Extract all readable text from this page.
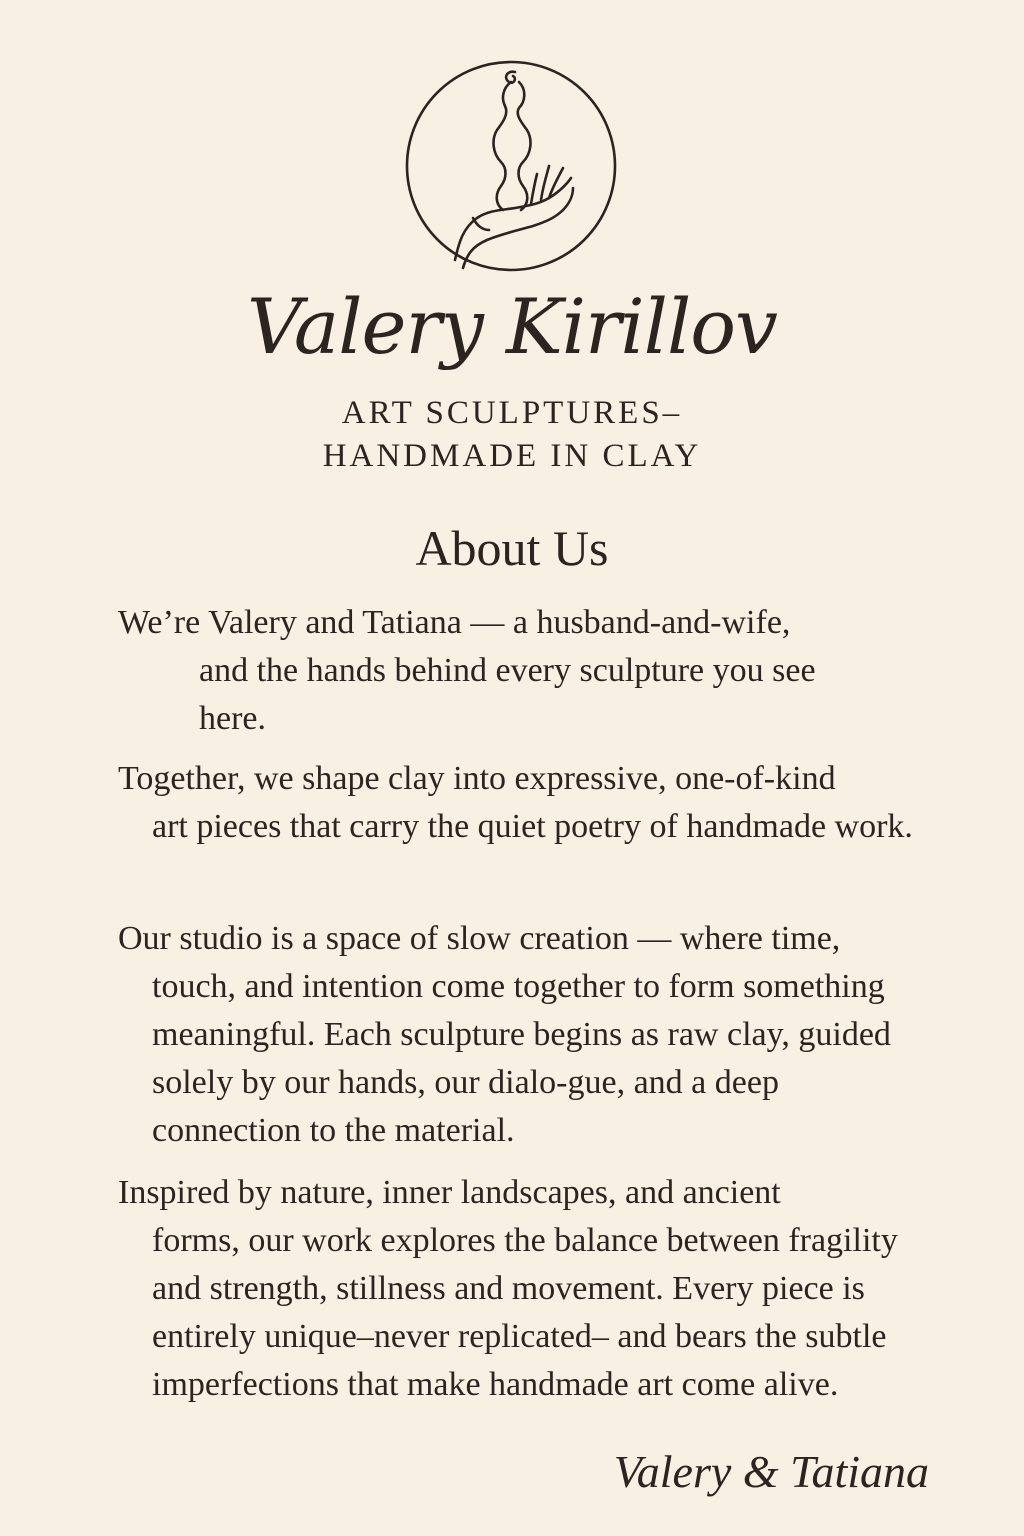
Valery Kirillov
ART SCULPTURES–
HANDMADE IN CLAY
About Us

We’re Valery and Tatiana — a husband-and-wife,
and the hands behind every sculpture you see here.

Together, we shape clay into expressive, one-of-kind
art pieces that carry the quiet poetry of handmade work.

Our studio is a space of slow creation — where time,
touch, and intention come together to form something meaningful. Each sculpture begins as raw clay, guided solely by our hands, our dialo-gue, and a deep connection to the material.

Inspired by nature, inner landscapes, and ancient
forms, our work explores the balance between fragility and strength, stillness and movement. Every piece is entirely unique–never replicated– and bears the subtle imperfections that make handmade art come alive.

Valery & Tatiana
